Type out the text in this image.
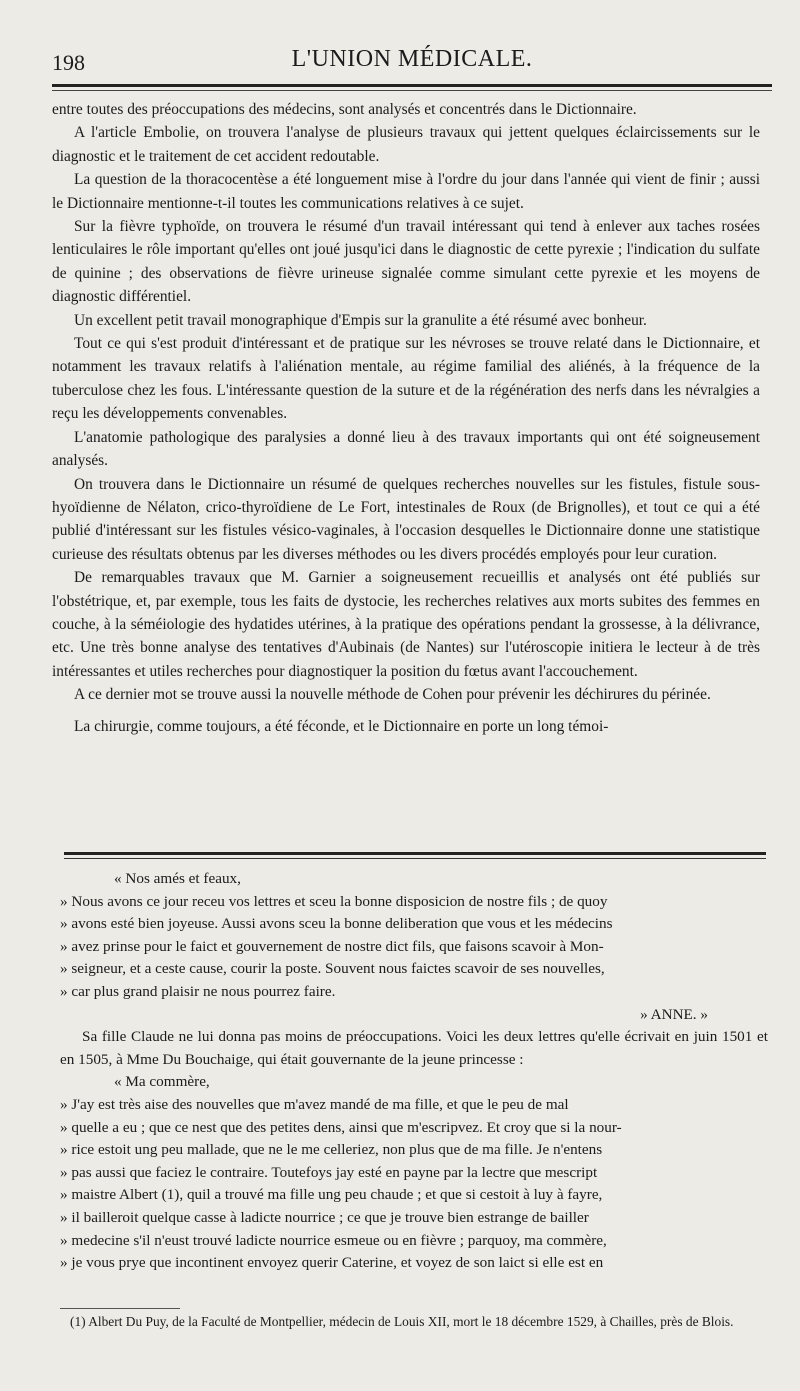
198	L'UNION MÉDICALE.

entre toutes des préoccupations des médecins, sont analysés et concentrés dans le Dictionnaire.

A l'article Embolie, on trouvera l'analyse de plusieurs travaux qui jettent quelques éclaircissements sur le diagnostic et le traitement de cet accident redoutable.

La question de la thoracocentèse a été longuement mise à l'ordre du jour dans l'année qui vient de finir ; aussi le Dictionnaire mentionne-t-il toutes les communications relatives à ce sujet.

Sur la fièvre typhoïde, on trouvera le résumé d'un travail intéressant qui tend à enlever aux taches rosées lenticulaires le rôle important qu'elles ont joué jusqu'ici dans le diagnostic de cette pyrexie ; l'indication du sulfate de quinine ; des observations de fièvre urineuse signalée comme simulant cette pyrexie et les moyens de diagnostic différentiel.

Un excellent petit travail monographique d'Empis sur la granulite a été résumé avec bonheur.

Tout ce qui s'est produit d'intéressant et de pratique sur les névroses se trouve relaté dans le Dictionnaire, et notamment les travaux relatifs à l'aliénation mentale, au régime familial des aliénés, à la fréquence de la tuberculose chez les fous. L'intéressante question de la suture et de la régénération des nerfs dans les névralgies a reçu les développements convenables.

L'anatomie pathologique des paralysies a donné lieu à des travaux importants qui ont été soigneusement analysés.

On trouvera dans le Dictionnaire un résumé de quelques recherches nouvelles sur les fistules, fistule sous-hyoïdienne de Nélaton, crico-thyroïdiene de Le Fort, intestinales de Roux (de Brignolles), et tout ce qui a été publié d'intéressant sur les fistules vésico-vaginales, à l'occasion desquelles le Dictionnaire donne une statistique curieuse des résultats obtenus par les diverses méthodes ou les divers procédés employés pour leur curation.

De remarquables travaux que M. Garnier a soigneusement recueillis et analysés ont été publiés sur l'obstétrique, et, par exemple, tous les faits de dystocie, les recherches relatives aux morts subites des femmes en couche, à la séméiologie des hydatides utérines, à la pratique des opérations pendant la grossesse, à la délivrance, etc. Une très bonne analyse des tentatives d'Aubinais (de Nantes) sur l'utéroscopie initiera le lecteur à de très intéressantes et utiles recherches pour diagnostiquer la position du fœtus avant l'accouchement.

A ce dernier mot se trouve aussi la nouvelle méthode de Cohen pour prévenir les déchirures du périnée.

La chirurgie, comme toujours, a été féconde, et le Dictionnaire en porte un long témoi-

« Nos amés et feaux,

» Nous avons ce jour receu vos lettres et sceu la bonne disposicion de nostre fils ; de quoy

» avons esté bien joyeuse. Aussi avons sceu la bonne deliberation que vous et les médecins

» avez prinse pour le faict et gouvernement de nostre dict fils, que faisons scavoir à Mon-

» seigneur, et a ceste cause, courir la poste. Souvent nous faictes scavoir de ses nouvelles,

» car plus grand plaisir ne nous pourrez faire.

» ANNE. »

Sa fille Claude ne lui donna pas moins de préoccupations. Voici les deux lettres qu'elle écrivait en juin 1501 et en 1505, à Mme Du Bouchaige, qui était gouvernante de la jeune princesse :

« Ma commère,

» J'ay est très aise des nouvelles que m'avez mandé de ma fille, et que le peu de mal

» quelle a eu ; que ce nest que des petites dens, ainsi que m'escripvez. Et croy que si la nour-

» rice estoit ung peu mallade, que ne le me celleriez, non plus que de ma fille. Je n'entens

» pas aussi que faciez le contraire. Toutefoys jay esté en payne par la lectre que mescript

» maistre Albert (1), quil a trouvé ma fille ung peu chaude ; et que si cestoit à luy à fayre,

» il bailleroit quelque casse à ladicte nourrice ; ce que je trouve bien estrange de bailler

» medecine s'il n'eust trouvé ladicte nourrice esmeue ou en fièvre ; parquoy, ma commère,

» je vous prye que incontinent envoyez querir Caterine, et voyez de son laict si elle est en

(1) Albert Du Puy, de la Faculté de Montpellier, médecin de Louis XII, mort le 18 décembre 1529, à Chailles, près de Blois.
